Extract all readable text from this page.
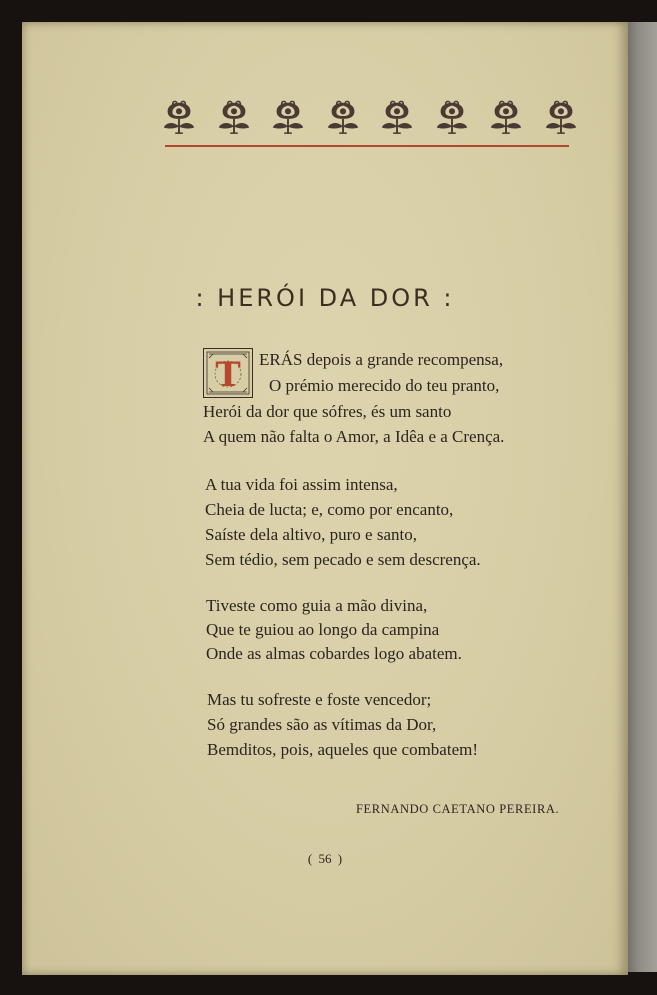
: HERÓI DA DOR :
T ERÁS depois a grande recompensa,
O prémio merecido do teu pranto,
Herói da dor que sófres, és um santo
A quem não falta o Amor, a Idêa e a Crença.
A tua vida foi assim intensa,
Cheia de lucta; e, como por encanto,
Saíste dela altivo, puro e santo,
Sem tédio, sem pecado e sem descrença.
Tiveste como guia a mão divina,
Que te guiou ao longo da campina
Onde as almas cobardes logo abatem.
Mas tu sofreste e foste vencedor;
Só grandes são as vítimas da Dor,
Bemditos, pois, aqueles que combatem!
FERNANDO CAETANO PEREIRA.
( 56 )
